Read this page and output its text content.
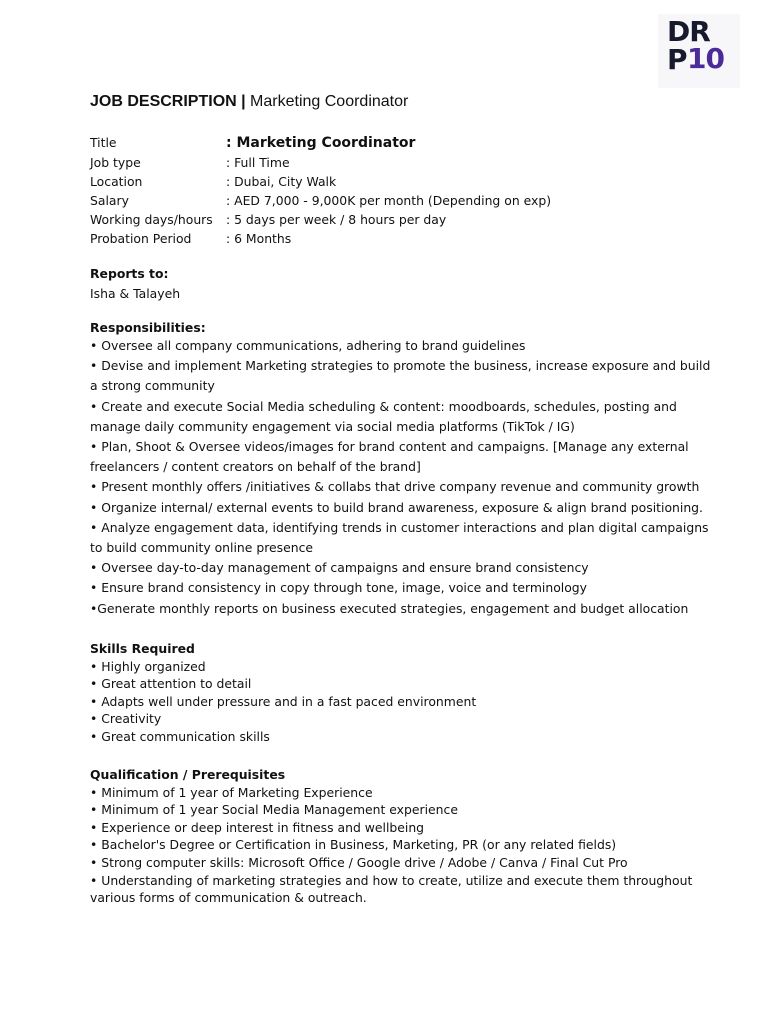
DRP 10
JOB DESCRIPTION | Marketing Coordinator
Title	: Marketing Coordinator
Job type	: Full Time
Location	: Dubai, City Walk
Salary	: AED 7,000 - 9,000K per month (Depending on exp)
Working days/hours : 5 days per week / 8 hours per day
Probation Period	: 6 Months
Reports to:
Isha & Talayeh
Responsibilities:
• Oversee all company communications, adhering to brand guidelines
• Devise and implement Marketing strategies to promote the business, increase exposure and build
a strong community
• Create and execute Social Media scheduling & content: moodboards, schedules, posting and
manage daily community engagement via social media platforms (TikTok / IG)
• Plan, Shoot & Oversee videos/images for brand content and campaigns. [Manage any external
freelancers / content creators on behalf of the brand]
• Present monthly offers /initiatives & collabs that drive company revenue and community growth
• Organize internal/ external events to build brand awareness, exposure & align brand positioning.
• Analyze engagement data, identifying trends in customer interactions and plan digital campaigns
to build community online presence
• Oversee day-to-day management of campaigns and ensure brand consistency
• Ensure brand consistency in copy through tone, image, voice and terminology
•Generate monthly reports on business executed strategies, engagement and budget allocation
Skills Required
• Highly organized
• Great attention to detail
• Adapts well under pressure and in a fast paced environment
• Creativity
• Great communication skills
Qualification / Prerequisites
• Minimum of 1 year of Marketing Experience
• Minimum of 1 year Social Media Management experience
• Experience or deep interest in fitness and wellbeing
• Bachelor's Degree or Certification in Business, Marketing, PR (or any related fields)
• Strong computer skills: Microsoft Office / Google drive / Adobe / Canva / Final Cut Pro
• Understanding of marketing strategies and how to create, utilize and execute them throughout
various forms of communication & outreach.
